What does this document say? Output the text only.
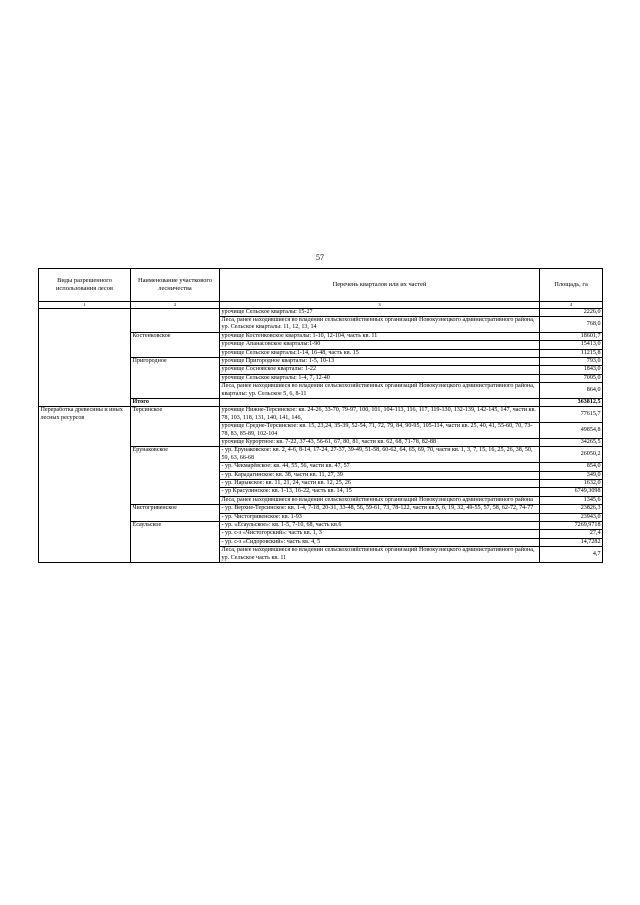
57
Виды разрешенного использования лесов	Наименование участкового лесничества	Перечень кварталов или их частей	Площадь, га
1	2	3	4
		урочище Сельское кварталы: 15-27	2226,0
		Леса, ранее находившиеся во владении сельскохозяйственных организаций Новокузнецкого административного района, ур. Сельское кварталы: 11, 12, 13, 14	768,0
	Костенковское	урочище Костенковское кварталы: 1-10, 12-104, часть кв. 11	18601,7
		урочище Апанасовское кварталы:1-90	15413,0
		урочище Сельское кварталы:1-14, 16-48, часть кв. 15	11215,8
	Пригородное	урочище Пригородное кварталы: 1-5, 10-13	793,0
		урочище Сосновское кварталы: 1-22	1843,0
		урочище Сельское кварталы: 1-4, 7, 12-40	7095,0
		Леса, ранее находившиеся во владении сельскохозяйственных организаций Новокузнецкого административного района, кварталы: ур. Сельское 5, 6, 8-11	864,0
	Итого		363812,5
Переработка древесины и иных лесных ресурсов	Терсинское	урочище Нижне-Терсинское: кв. 24-26, 33-70, 79-97, 100, 101, 104-113, 116, 117, 119-130, 132-139, 142-145, 147, части кв. 78, 103, 118, 131, 140, 141, 146,	77615,7
		урочище Средне-Терсинское: кв. 15, 23,24, 35-39, 52-54, 71, 72, 79, 84, 90-95, 105-114, части кв. 25, 40, 41, 55-60, 70, 73-78, 83, 85-89, 102-104	49854,8
		урочище Курортное: кв. 7-22, 37-43, 56-61, 67, 80, 81, части кв. 62, 68, 71-78, 82-88	34265,5
	Ерунаковское	- ур. Ерунаковское: кв. 2, 4-6, 8-14, 17-24, 27-37, 39-49, 51-58, 60-62, 64, 65, 69, 70, части кв. 1, 3, 7, 15, 16, 25, 26, 38, 50, 59, 63, 66-68	26050,2
		- ур. Чекмарёвское: кв. 44, 55, 56, части кв. 47, 57	854,0
		- ур. Карадагинское: кв. 38, части кв. 11, 27, 39	349,0
		- ур. Нарыкское: кв. 11, 21, 24, части кв. 12, 25, 26	1632,0
		- ур Красулинское: кв. 1-13, 16-22, часть кв. 14, 15	6749,3098
		Леса, ранее находившиеся во владении сельскохозяйственных организаций Новокузнецкого административного района	1345,6
	Чистогривенское	- ур. Верхне-Терсинское: кв. 1-4, 7-18, 20-31, 33-48, 56, 59-61, 73, 78-122, части кв.5, 6, 19, 32, 49-55, 57, 58, 62-72, 74-77	23826,3
		- ур. Чистогривенское: кв. 1-93	23943,0
	Есаульское	- ур. «Есаульское»: кв. 1-5, 7-10, 68, часть кв.6	7269,9718
		- ур. с-з «Чистогорский»: часть кв. 1, 3	27,4
		- ур. с-з «Сидоровский»: часть кв. 4, 5	14,7282
		Леса, ранее находившиеся во владении сельскохозяйственных организаций Новокузнецкого административного района, ур. Сельское часть кв. 11	4,7
